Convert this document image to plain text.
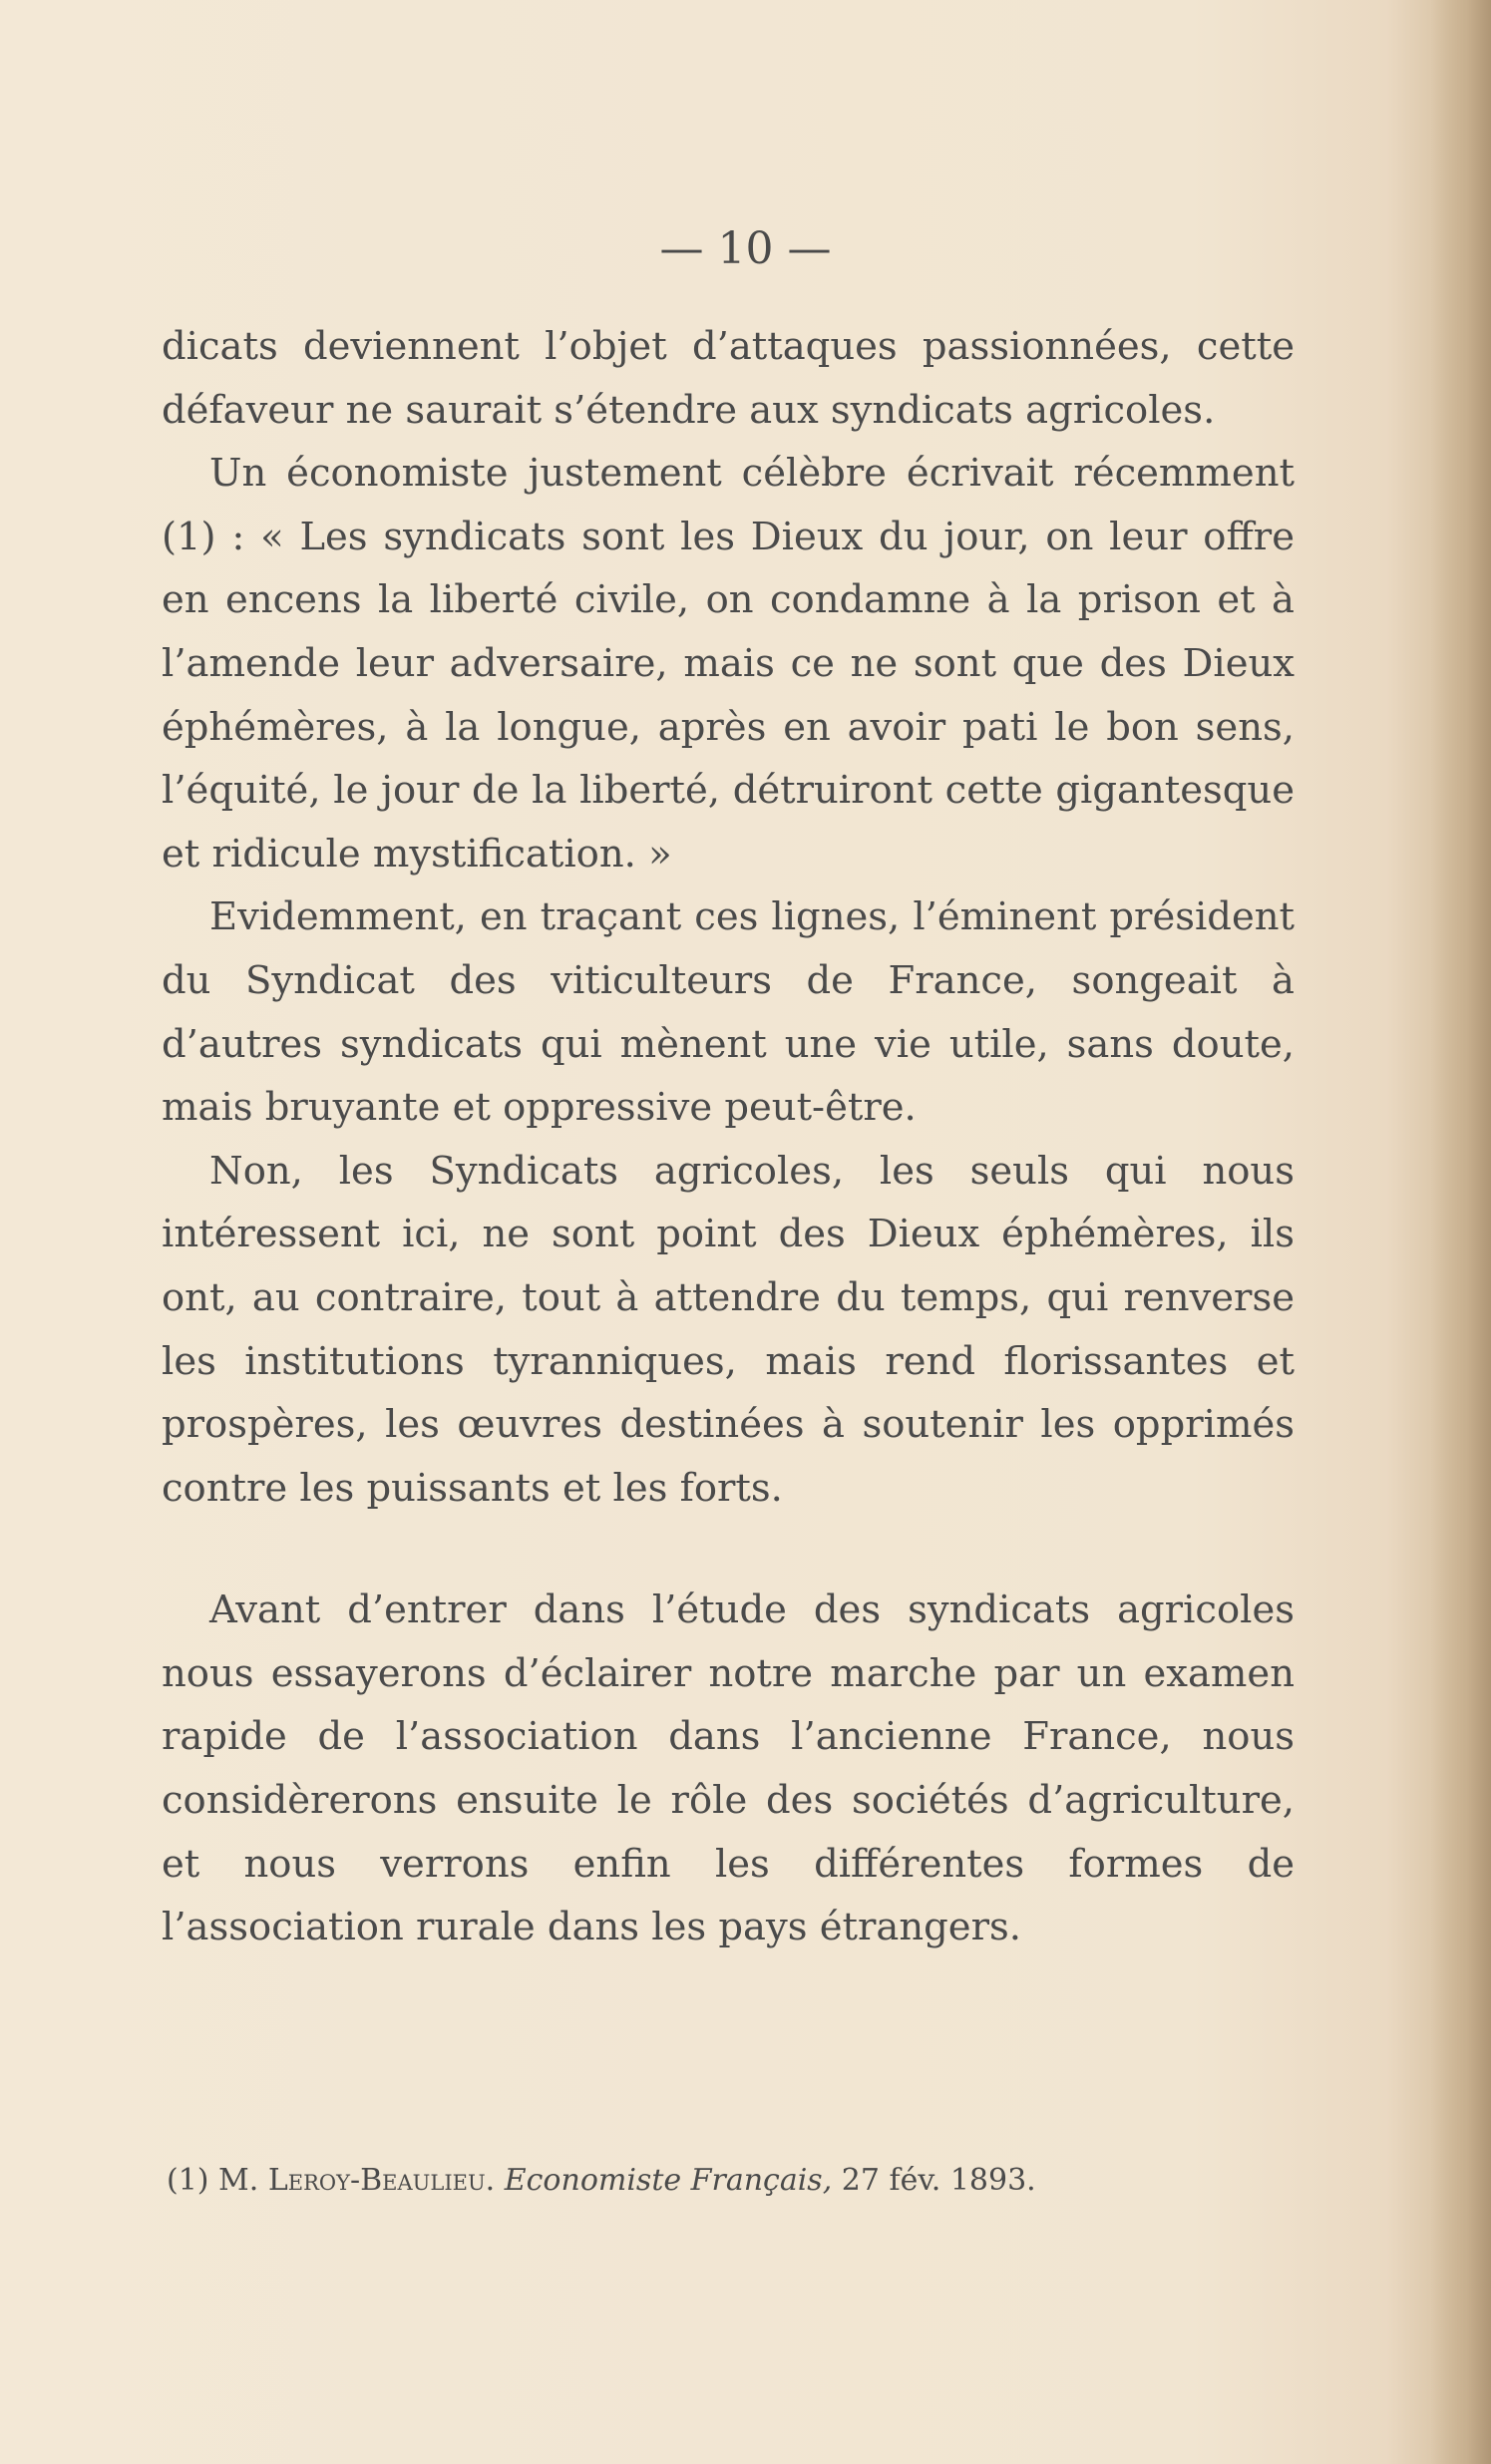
— 10 —

dicats deviennent l’objet d’attaques passionnées, cette défaveur ne saurait s’étendre aux syndicats agricoles.

Un économiste justement célèbre écrivait récemment (1) : « Les syndicats sont les Dieux du jour, on leur offre en encens la liberté civile, on condamne à la prison et à l’amende leur adversaire, mais ce ne sont que des Dieux éphémères, à la longue, après en avoir pati le bon sens, l’équité, le jour de la liberté, détruiront cette gigantesque et ridicule mystification. »

Evidemment, en traçant ces lignes, l’éminent président du Syndicat des viticulteurs de France, songeait à d’autres syndicats qui mènent une vie utile, sans doute, mais bruyante et oppressive peut-être.

Non, les Syndicats agricoles, les seuls qui nous intéressent ici, ne sont point des Dieux éphémères, ils ont, au contraire, tout à attendre du temps, qui renverse les institutions tyranniques, mais rend florissantes et prospères, les œuvres destinées à soutenir les opprimés contre les puissants et les forts.

Avant d’entrer dans l’étude des syndicats agricoles nous essayerons d’éclairer notre marche par un examen rapide de l’association dans l’ancienne France, nous considèrerons ensuite le rôle des sociétés d’agriculture, et nous verrons enfin les différentes formes de l’association rurale dans les pays étrangers.

(1) M. Leroy-Beaulieu. Economiste Français, 27 fév. 1893.
